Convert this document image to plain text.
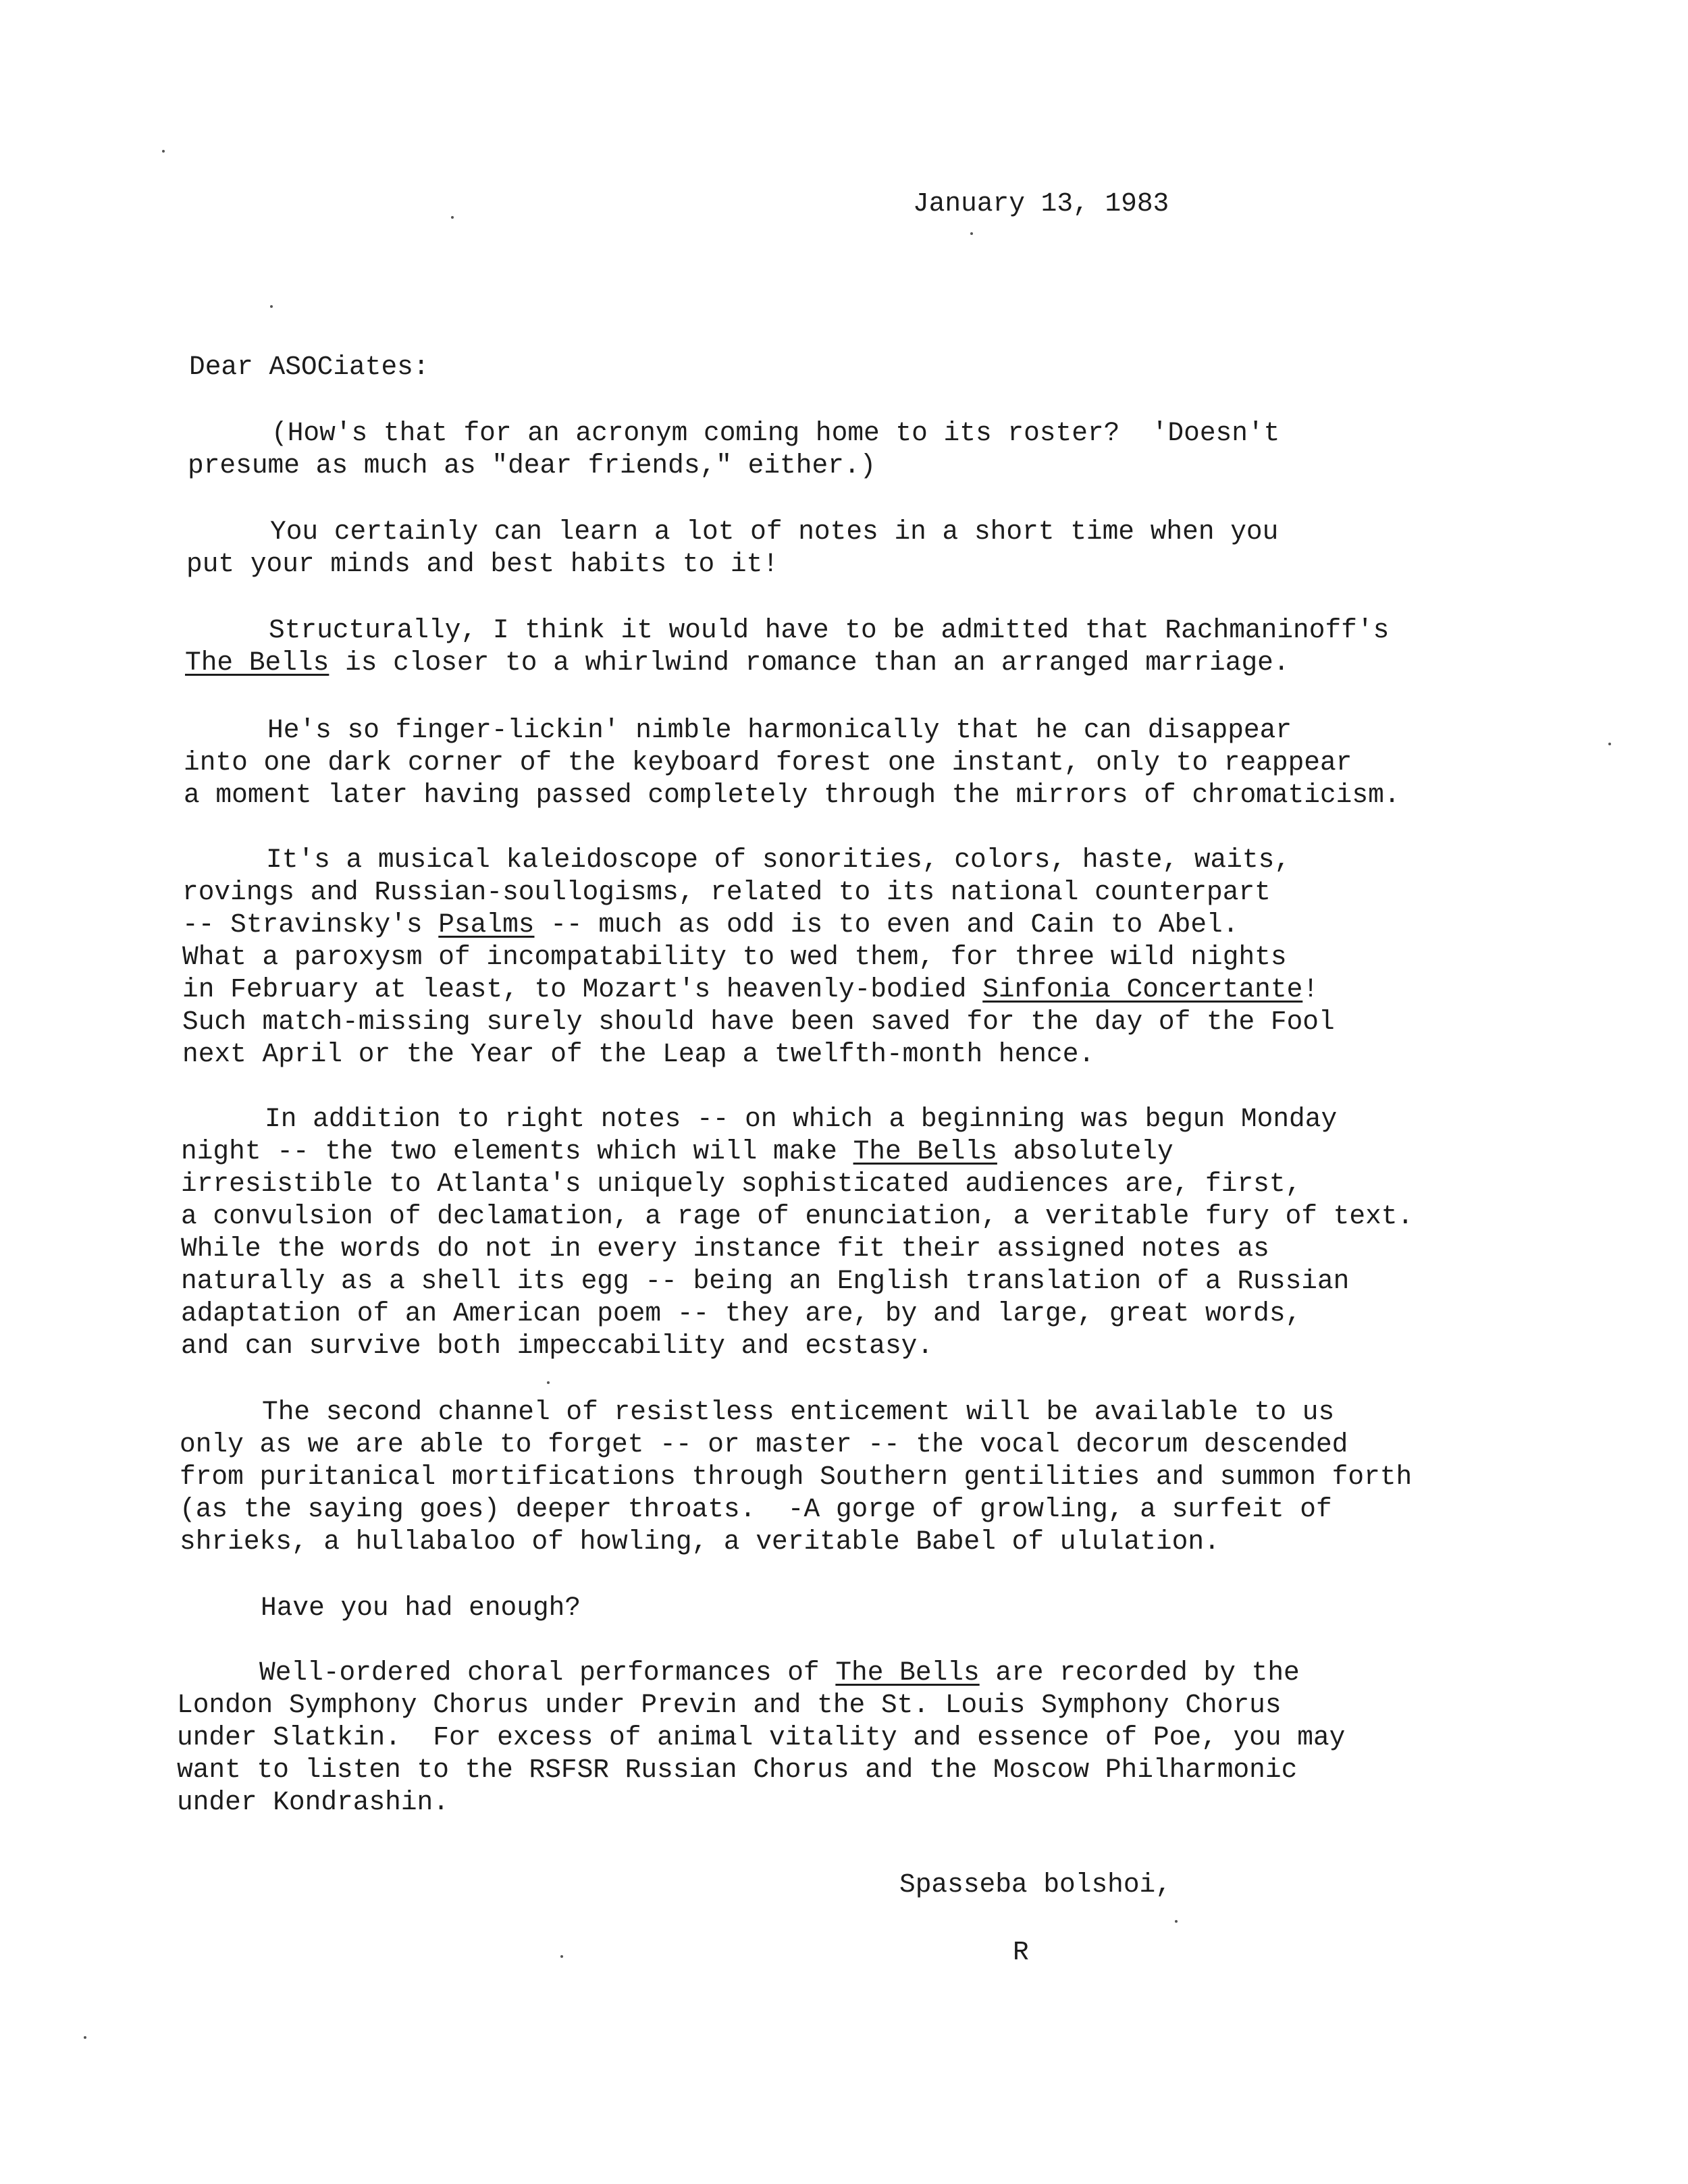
January 13, 1983
Dear ASOCiates:
(How's that for an acronym coming home to its roster?  'Doesn't
presume as much as "dear friends," either.)
You certainly can learn a lot of notes in a short time when you
put your minds and best habits to it!
Structurally, I think it would have to be admitted that Rachmaninoff's
The Bells is closer to a whirlwind romance than an arranged marriage.
He's so finger-lickin' nimble harmonically that he can disappear
into one dark corner of the keyboard forest one instant, only to reappear
a moment later having passed completely through the mirrors of chromaticism.
It's a musical kaleidoscope of sonorities, colors, haste, waits,
rovings and Russian-soullogisms, related to its national counterpart
-- Stravinsky's Psalms -- much as odd is to even and Cain to Abel.
What a paroxysm of incompatability to wed them, for three wild nights
in February at least, to Mozart's heavenly-bodied Sinfonia Concertante!
Such match-missing surely should have been saved for the day of the Fool
next April or the Year of the Leap a twelfth-month hence.
In addition to right notes -- on which a beginning was begun Monday
night -- the two elements which will make The Bells absolutely
irresistible to Atlanta's uniquely sophisticated audiences are, first,
a convulsion of declamation, a rage of enunciation, a veritable fury of text.
While the words do not in every instance fit their assigned notes as
naturally as a shell its egg -- being an English translation of a Russian
adaptation of an American poem -- they are, by and large, great words,
and can survive both impeccability and ecstasy.
The second channel of resistless enticement will be available to us
only as we are able to forget -- or master -- the vocal decorum descended
from puritanical mortifications through Southern gentilities and summon forth
(as the saying goes) deeper throats.  -A gorge of growling, a surfeit of
shrieks, a hullabaloo of howling, a veritable Babel of ululation.
Have you had enough?
Well-ordered choral performances of The Bells are recorded by the
London Symphony Chorus under Previn and the St. Louis Symphony Chorus
under Slatkin.  For excess of animal vitality and essence of Poe, you may
want to listen to the RSFSR Russian Chorus and the Moscow Philharmonic
under Kondrashin.
Spasseba bolshoi,
R
